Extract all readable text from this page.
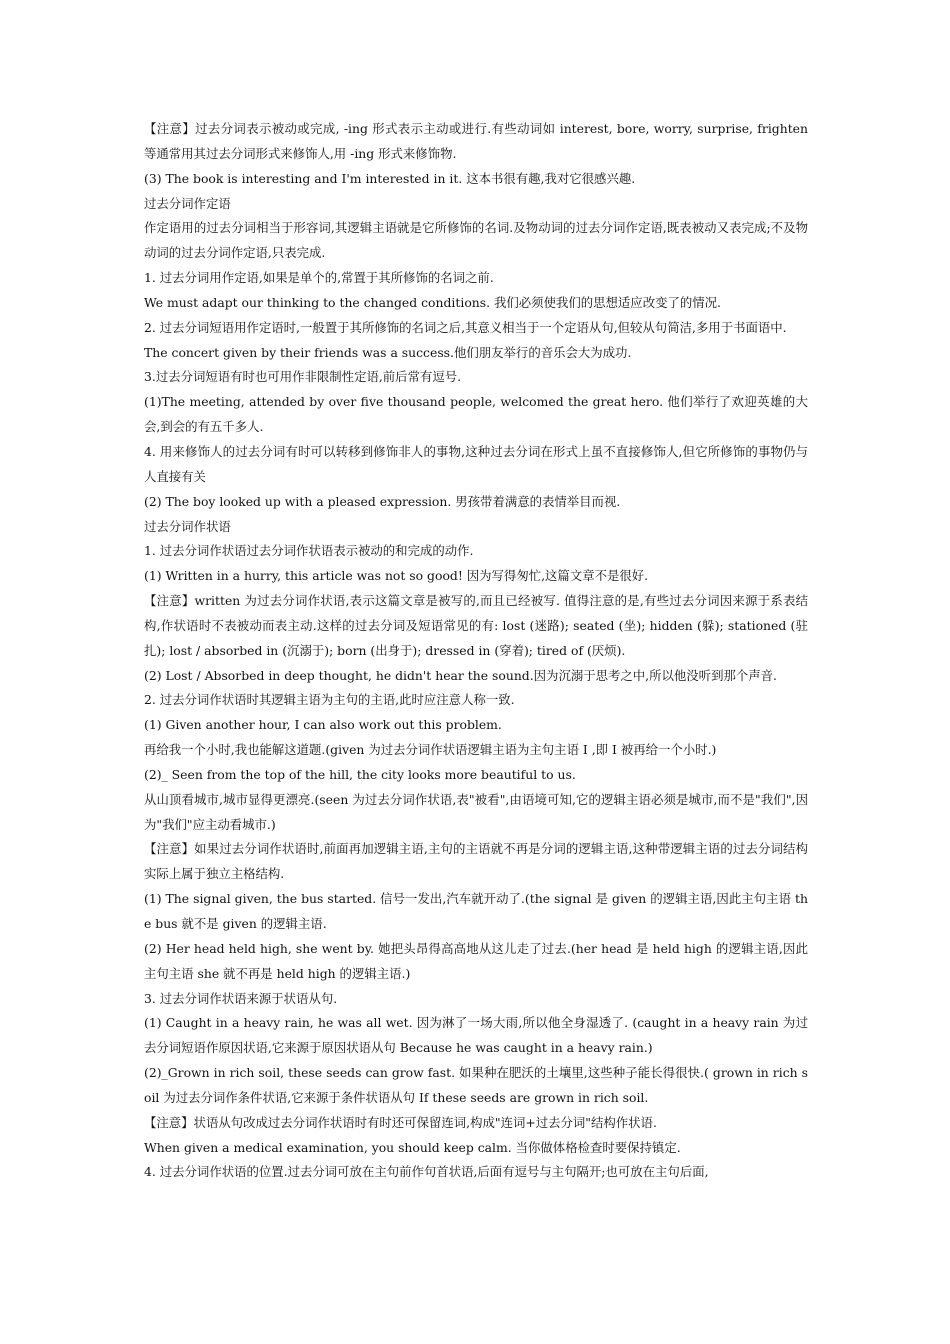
【注意】过去分词表示被动或完成, -ing 形式表示主动或进行.有些动词如 interest, bore, worry, surprise, frighten 等通常用其过去分词形式来修饰人,用 -ing 形式来修饰物.

(3) The book is interesting and I'm interested in it. 这本书很有趣,我对它很感兴趣.

过去分词作定语

作定语用的过去分词相当于形容词,其逻辑主语就是它所修饰的名词.及物动词的过去分词作定语,既表被动又表完成;不及物动词的过去分词作定语,只表完成.

1. 过去分词用作定语,如果是单个的,常置于其所修饰的名词之前.

We must adapt our thinking to the changed conditions. 我们必须使我们的思想适应改变了的情况.

2. 过去分词短语用作定语时,一般置于其所修饰的名词之后,其意义相当于一个定语从句,但较从句简洁,多用于书面语中.

The concert given by their friends was a success.他们朋友举行的音乐会大为成功.

3.过去分词短语有时也可用作非限制性定语,前后常有逗号.

(1)The meeting, attended by over five thousand people, welcomed the great hero. 他们举行了欢迎英雄的大会,到会的有五千多人.

4. 用来修饰人的过去分词有时可以转移到修饰非人的事物,这种过去分词在形式上虽不直接修饰人,但它所修饰的事物仍与人直接有关

(2) The boy looked up with a pleased expression. 男孩带着满意的表情举目而视.

过去分词作状语

1. 过去分词作状语过去分词作状语表示被动的和完成的动作.

(1) Written in a hurry, this article was not so good! 因为写得匆忙,这篇文章不是很好.

【注意】written 为过去分词作状语,表示这篇文章是被写的,而且已经被写. 值得注意的是,有些过去分词因来源于系表结构,作状语时不表被动而表主动.这样的过去分词及短语常见的有: lost (迷路); seated (坐); hidden (躲); stationed (驻扎); lost / absorbed in (沉溺于); born (出身于); dressed in (穿着); tired of (厌烦).

(2) Lost / Absorbed in deep thought, he didn't hear the sound.因为沉溺于思考之中,所以他没听到那个声音.

2. 过去分词作状语时其逻辑主语为主句的主语,此时应注意人称一致.

(1) Given another hour, I can also work out this problem.

再给我一个小时,我也能解这道题.(given 为过去分词作状语逻辑主语为主句主语 I ,即 I 被再给一个小时.)

(2)_ Seen from the top of the hill, the city looks more beautiful to us.

从山顶看城市,城市显得更漂亮.(seen 为过去分词作状语,表"被看",由语境可知,它的逻辑主语必须是城市,而不是"我们",因为"我们"应主动看城市.)

【注意】如果过去分词作状语时,前面再加逻辑主语,主句的主语就不再是分词的逻辑主语,这种带逻辑主语的过去分词结构实际上属于独立主格结构.

(1) The signal given, the bus started. 信号一发出,汽车就开动了.(the signal 是 given 的逻辑主语,因此主句主语 the bus 就不是 given 的逻辑主语.

(2) Her head held high, she went by. 她把头昂得高高地从这儿走了过去.(her head 是 held high 的逻辑主语,因此主句主语 she 就不再是 held high 的逻辑主语.)

3. 过去分词作状语来源于状语从句.

(1) Caught in a heavy rain, he was all wet. 因为淋了一场大雨,所以他全身湿透了. (caught in a heavy rain 为过去分词短语作原因状语,它来源于原因状语从句 Because he was caught in a heavy rain.)

(2)_Grown in rich soil, these seeds can grow fast. 如果种在肥沃的土壤里,这些种子能长得很快.( grown in rich soil 为过去分词作条件状语,它来源于条件状语从句 If these seeds are grown in rich soil.

【注意】状语从句改成过去分词作状语时有时还可保留连词,构成"连词+过去分词"结构作状语.

When given a medical examination, you should keep calm. 当你做体格检查时要保持镇定.

4. 过去分词作状语的位置.过去分词可放在主句前作句首状语,后面有逗号与主句隔开;也可放在主句后面,
